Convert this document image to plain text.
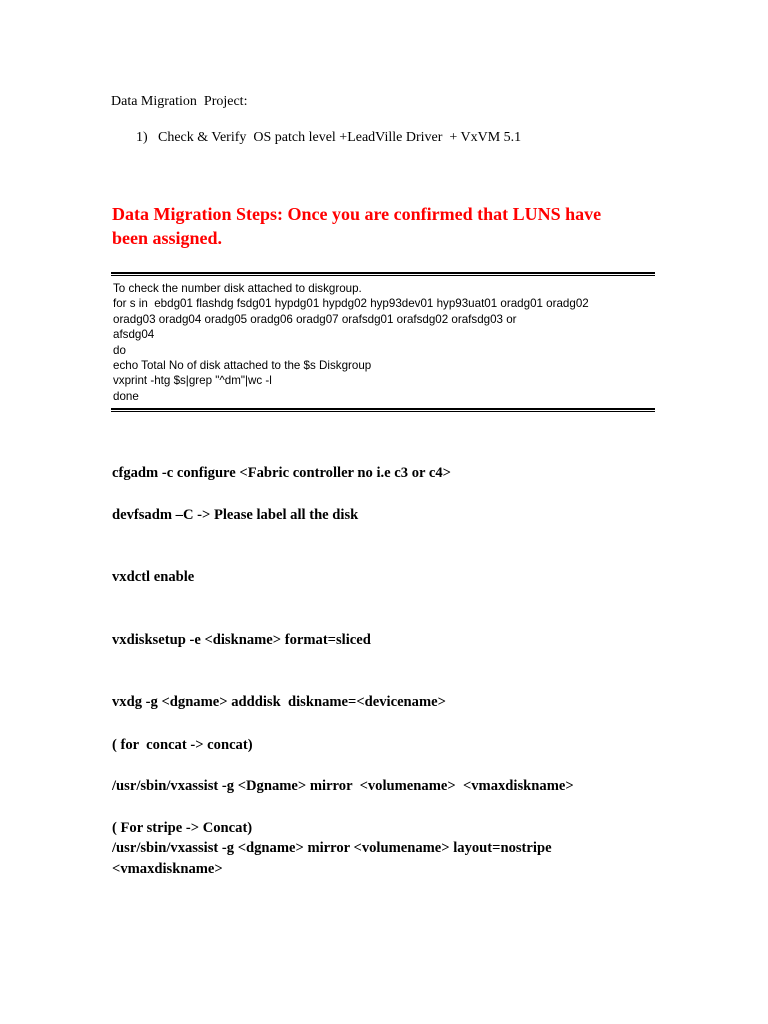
Data Migration  Project:

1)

Check & Verify  OS patch level +LeadVille Driver  + VxVM 5.1

Data Migration Steps: Once you are confirmed that LUNS have been assigned.
To check the number disk attached to diskgroup.
for s in  ebdg01 flashdg fsdg01 hypdg01 hypdg02 hyp93dev01 hyp93uat01 oradg01 oradg02
oradg03 oradg04 oradg05 oradg06 oradg07 orafsdg01 orafsdg02 orafsdg03 or
afsdg04
do
echo Total No of disk attached to the $s Diskgroup
vxprint -htg $s|grep "^dm"|wc -l
done
cfgadm -c configure <Fabric controller no i.e c3 or c4>
devfsadm –C -> Please label all the disk
vxdctl enable
vxdisksetup -e <diskname> format=sliced
vxdg -g <dgname> adddisk  diskname=<devicename>
( for  concat -> concat)
/usr/sbin/vxassist -g <Dgname> mirror  <volumename>  <vmaxdiskname>
( For stripe -> Concat)
/usr/sbin/vxassist -g <dgname> mirror <volumename> layout=nostripe
<vmaxdiskname>
